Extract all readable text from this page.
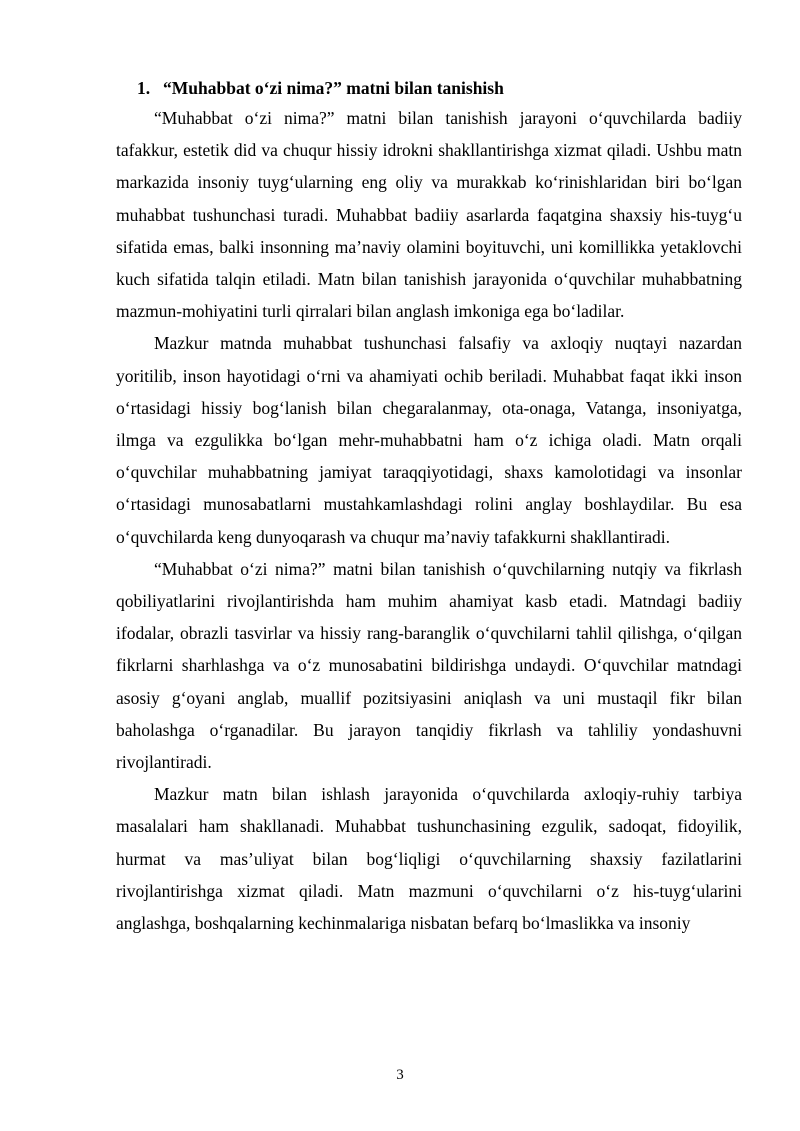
1. “Muhabbat o‘zi nima?” matni bilan tanishish

“Muhabbat o‘zi nima?” matni bilan tanishish jarayoni o‘quvchilarda badiiy tafakkur, estetik did va chuqur hissiy idrokni shakllantirishga xizmat qiladi. Ushbu matn markazida insoniy tuyg‘ularning eng oliy va murakkab ko‘rinishlaridan biri bo‘lgan muhabbat tushunchasi turadi. Muhabbat badiiy asarlarda faqatgina shaxsiy his-tuyg‘u sifatida emas, balki insonning ma’naviy olamini boyituvchi, uni komillikka yetaklovchi kuch sifatida talqin etiladi. Matn bilan tanishish jarayonida o‘quvchilar muhabbatning mazmun-mohiyatini turli qirralari bilan anglash imkoniga ega bo‘ladilar.

Mazkur matnda muhabbat tushunchasi falsafiy va axloqiy nuqtayi nazardan yoritilib, inson hayotidagi o‘rni va ahamiyati ochib beriladi. Muhabbat faqat ikki inson o‘rtasidagi hissiy bog‘lanish bilan chegaralanmay, ota-onaga, Vatanga, insoniyatga, ilmga va ezgulikka bo‘lgan mehr-muhabbatni ham o‘z ichiga oladi. Matn orqali o‘quvchilar muhabbatning jamiyat taraqqiyotidagi, shaxs kamolotidagi va insonlar o‘rtasidagi munosabatlarni mustahkamlashdagi rolini anglay boshlaydilar. Bu esa o‘quvchilarda keng dunyoqarash va chuqur ma’naviy tafakkurni shakllantiradi.

“Muhabbat o‘zi nima?” matni bilan tanishish o‘quvchilarning nutqiy va fikrlash qobiliyatlarini rivojlantirishda ham muhim ahamiyat kasb etadi. Matndagi badiiy ifodalar, obrazli tasvirlar va hissiy rang-baranglik o‘quvchilarni tahlil qilishga, o‘qilgan fikrlarni sharhlashga va o‘z munosabatini bildirishga undaydi. O‘quvchilar matndagi asosiy g‘oyani anglab, muallif pozitsiyasini aniqlash va uni mustaqil fikr bilan baholashga o‘rganadilar. Bu jarayon tanqidiy fikrlash va tahliliy yondashuvni rivojlantiradi.

Mazkur matn bilan ishlash jarayonida o‘quvchilarda axloqiy-ruhiy tarbiya masalalari ham shakllanadi. Muhabbat tushunchasining ezgulik, sadoqat, fidoyilik, hurmat va mas’uliyat bilan bog‘liqligi o‘quvchilarning shaxsiy fazilatlarini rivojlantirishga xizmat qiladi. Matn mazmuni o‘quvchilarni o‘z his-tuyg‘ularini anglashga, boshqalarning kechinmalariga nisbatan befarq bo‘lmaslikka va insoniy

3
